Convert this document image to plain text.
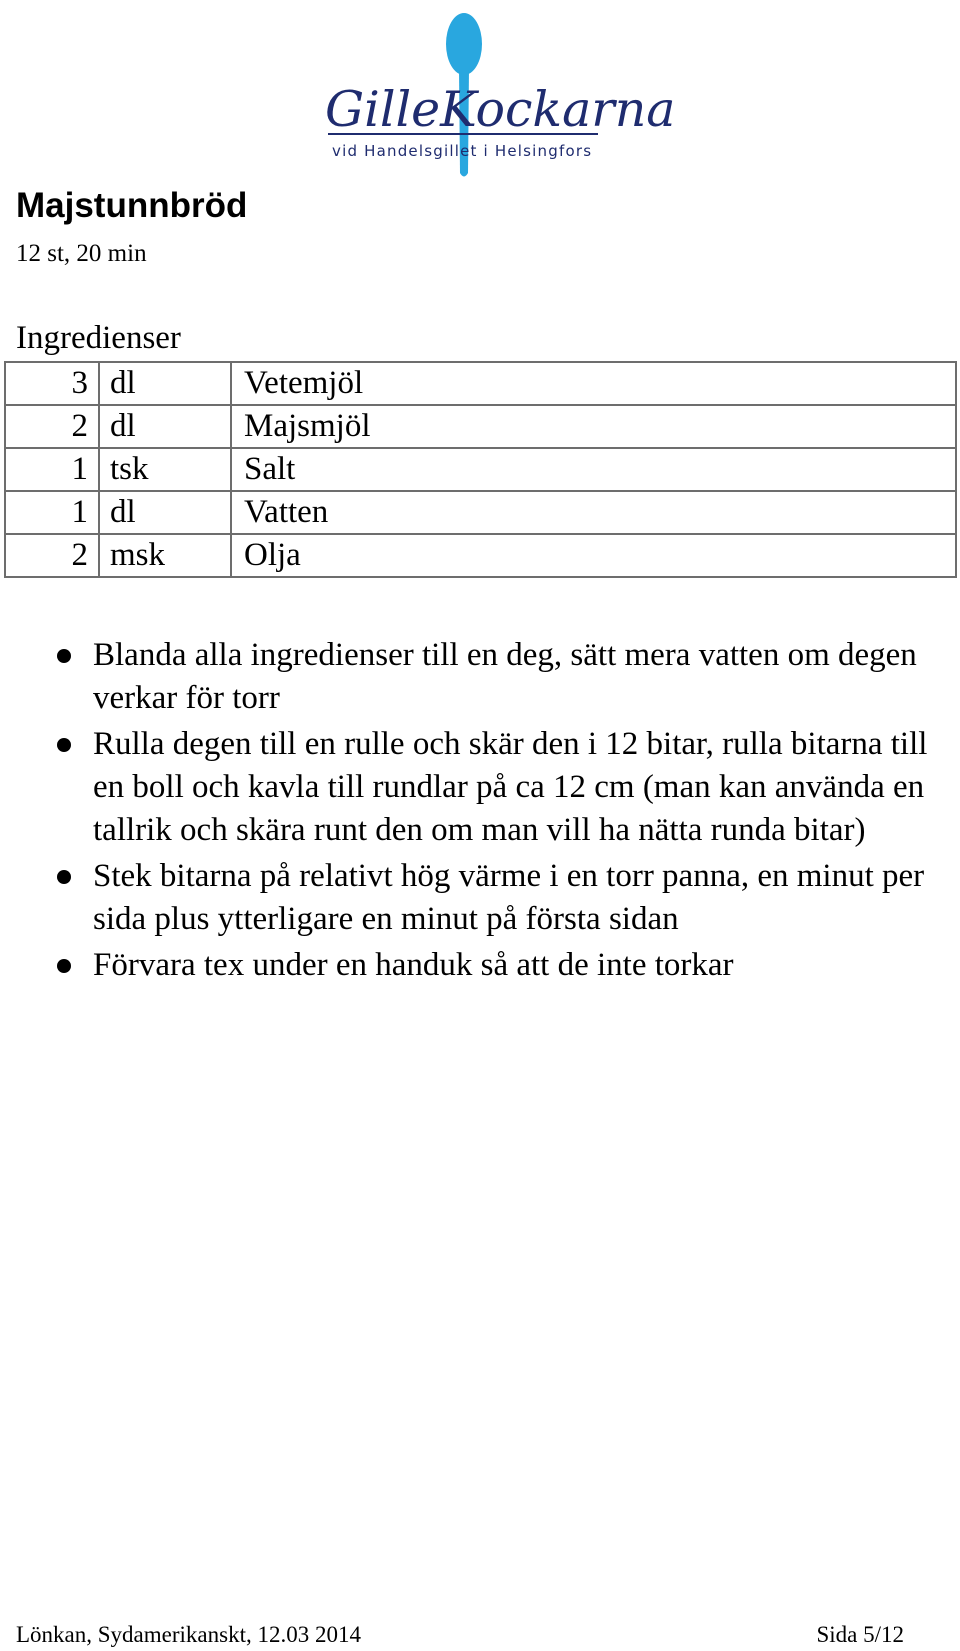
GilleKockarna
vid Handelsgillet i Helsingfors
Majstunnbröd
12 st, 20 min
Ingredienser
3	dl	Vetemjöl
2	dl	Majsmjöl
1	tsk	Salt
1	dl	Vatten
2	msk	Olja
Blanda alla ingredienser till en deg, sätt mera vatten om degen verkar för torr
Rulla degen till en rulle och skär den i 12 bitar, rulla bitarna till en boll och kavla till rundlar på ca 12 cm (man kan använda en tallrik och skära runt den om man vill ha nätta runda bitar)
Stek bitarna på relativt hög värme i en torr panna, en minut per sida plus ytterligare en minut på första sidan
Förvara tex under en handuk så att de inte torkar
Lönkan, Sydamerikanskt, 12.03 2014	Sida 5/12
